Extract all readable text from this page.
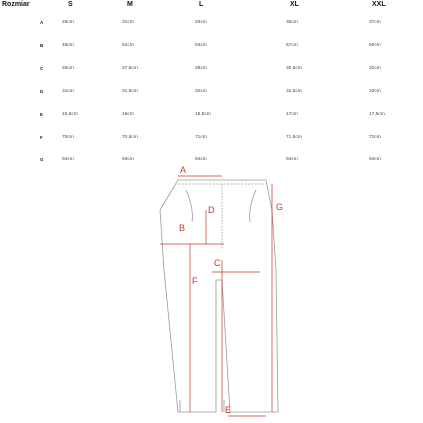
Rozmiar	S	M	L	XL	XXL
A	29cm	31cm	33cm	35cm	37cm
B	48cm	51cm	54cm	57cm	60cm
C	26cm	27,5cm	29cm	30,5cm	32cm
D	31cm	31,5cm	32cm	32,5cm	33cm
E	15,5cm	16cm	16,5cm	17cm	17,5cm
F	70cm	70,5cm	71cm	71,5cm	72cm
G	94cm	94cm	94cm	94cm	94cm
A
B
C
D
E
F
G
